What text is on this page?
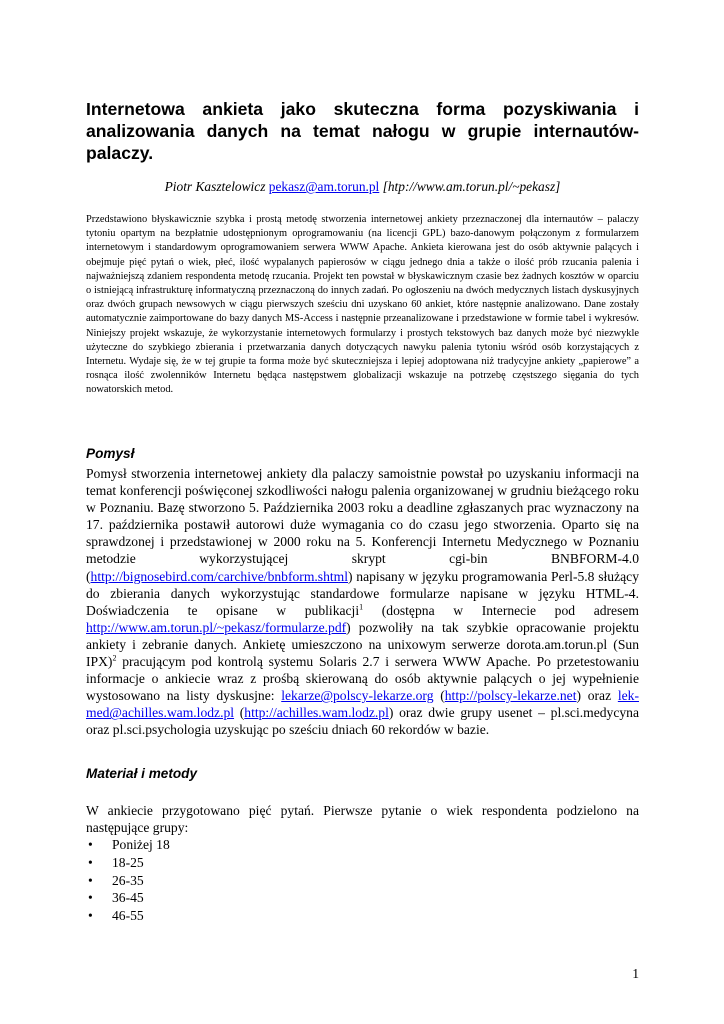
Internetowa ankieta jako skuteczna forma pozyskiwania i analizowania danych na temat nałogu w grupie internautów-palaczy.

Piotr Kasztelowicz pekasz@am.torun.pl [htp://www.am.torun.pl/~pekasz]

Przedstawiono błyskawicznie szybka i prostą metodę stworzenia internetowej ankiety przeznaczonej dla internautów – palaczy tytoniu opartym na bezpłatnie udostępnionym oprogramowaniu (na licencji GPL) bazo-danowym połączonym z formularzem internetowym i standardowym oprogramowaniem serwera WWW Apache. Ankieta kierowana jest do osób aktywnie palących i obejmuje pięć pytań o wiek, płeć, ilość wypalanych papierosów w ciągu jednego dnia a także o ilość prób rzucania palenia i najważniejszą zdaniem respondenta metodę rzucania. Projekt ten powstał w błyskawicznym czasie bez żadnych kosztów w oparciu o istniejącą infrastrukturę informatyczną przeznaczoną do innych zadań. Po ogłoszeniu na dwóch medycznych listach dyskusyjnych oraz dwóch grupach newsowych w ciągu pierwszych sześciu dni uzyskano 60 ankiet, które następnie analizowano. Dane zostały automatycznie zaimportowane do bazy danych MS-Access i następnie przeanalizowane i przedstawione w formie tabel i wykresów. Niniejszy projekt wskazuje, że wykorzystanie internetowych formularzy i prostych tekstowych baz danych może być niezwykle użyteczne do szybkiego zbierania i przetwarzania danych dotyczących nawyku palenia tytoniu wśród osób korzystających z Internetu. Wydaje się, że w tej grupie ta forma może być skuteczniejsza i lepiej adoptowana niż tradycyjne ankiety „papierowe” a rosnąca ilość zwolenników Internetu będąca następstwem globalizacji wskazuje na potrzebę częstszego sięgania do tych nowatorskich metod.

Pomysł

Pomysł stworzenia internetowej ankiety dla palaczy samoistnie powstał po uzyskaniu informacji na temat konferencji poświęconej szkodliwości nałogu palenia organizowanej w grudniu bieżącego roku w Poznaniu. Bazę stworzono 5. Października 2003 roku a deadline zgłaszanych prac wyznaczony na 17. października postawił autorowi duże wymagania co do czasu jego stworzenia. Oparto się na sprawdzonej i przedstawionej w 2000 roku na 5. Konferencji Internetu Medycznego w Poznaniu metodzie wykorzystującej skrypt cgi-bin BNBFORM-4.0 (http://bignosebird.com/carchive/bnbform.shtml) napisany w języku programowania Perl-5.8 służący do zbierania danych wykorzystując standardowe formularze napisane w języku HTML-4. Doświadczenia te opisane w publikacji$^1$ (dostępna w Internecie pod adresem http://www.am.torun.pl/~pekasz/formularze.pdf) pozwoliły na tak szybkie opracowanie projektu ankiety i zebranie danych. Ankietę umieszczono na unixowym serwerze dorota.am.torun.pl (Sun IPX)$^2$ pracującym pod kontrolą systemu Solaris 2.7 i serwera WWW Apache. Po przetestowaniu informacje o ankiecie wraz z prośbą skierowaną do osób aktywnie palących o jej wypełnienie wystosowano na listy dyskusjne: lekarze@polscy-lekarze.org (http://polscy-lekarze.net) oraz lek-med@achilles.wam.lodz.pl (http://achilles.wam.lodz.pl) oraz dwie grupy usenet – pl.sci.medycyna oraz pl.sci.psychologia uzyskując po sześciu dniach 60 rekordów w bazie.

Materiał i metody

W ankiecie przygotowano pięć pytań. Pierwsze pytanie o wiek respondenta podzielono na następujące grupy:

• Poniżej 18
• 18-25
• 26-35
• 36-45
• 46-55
1
